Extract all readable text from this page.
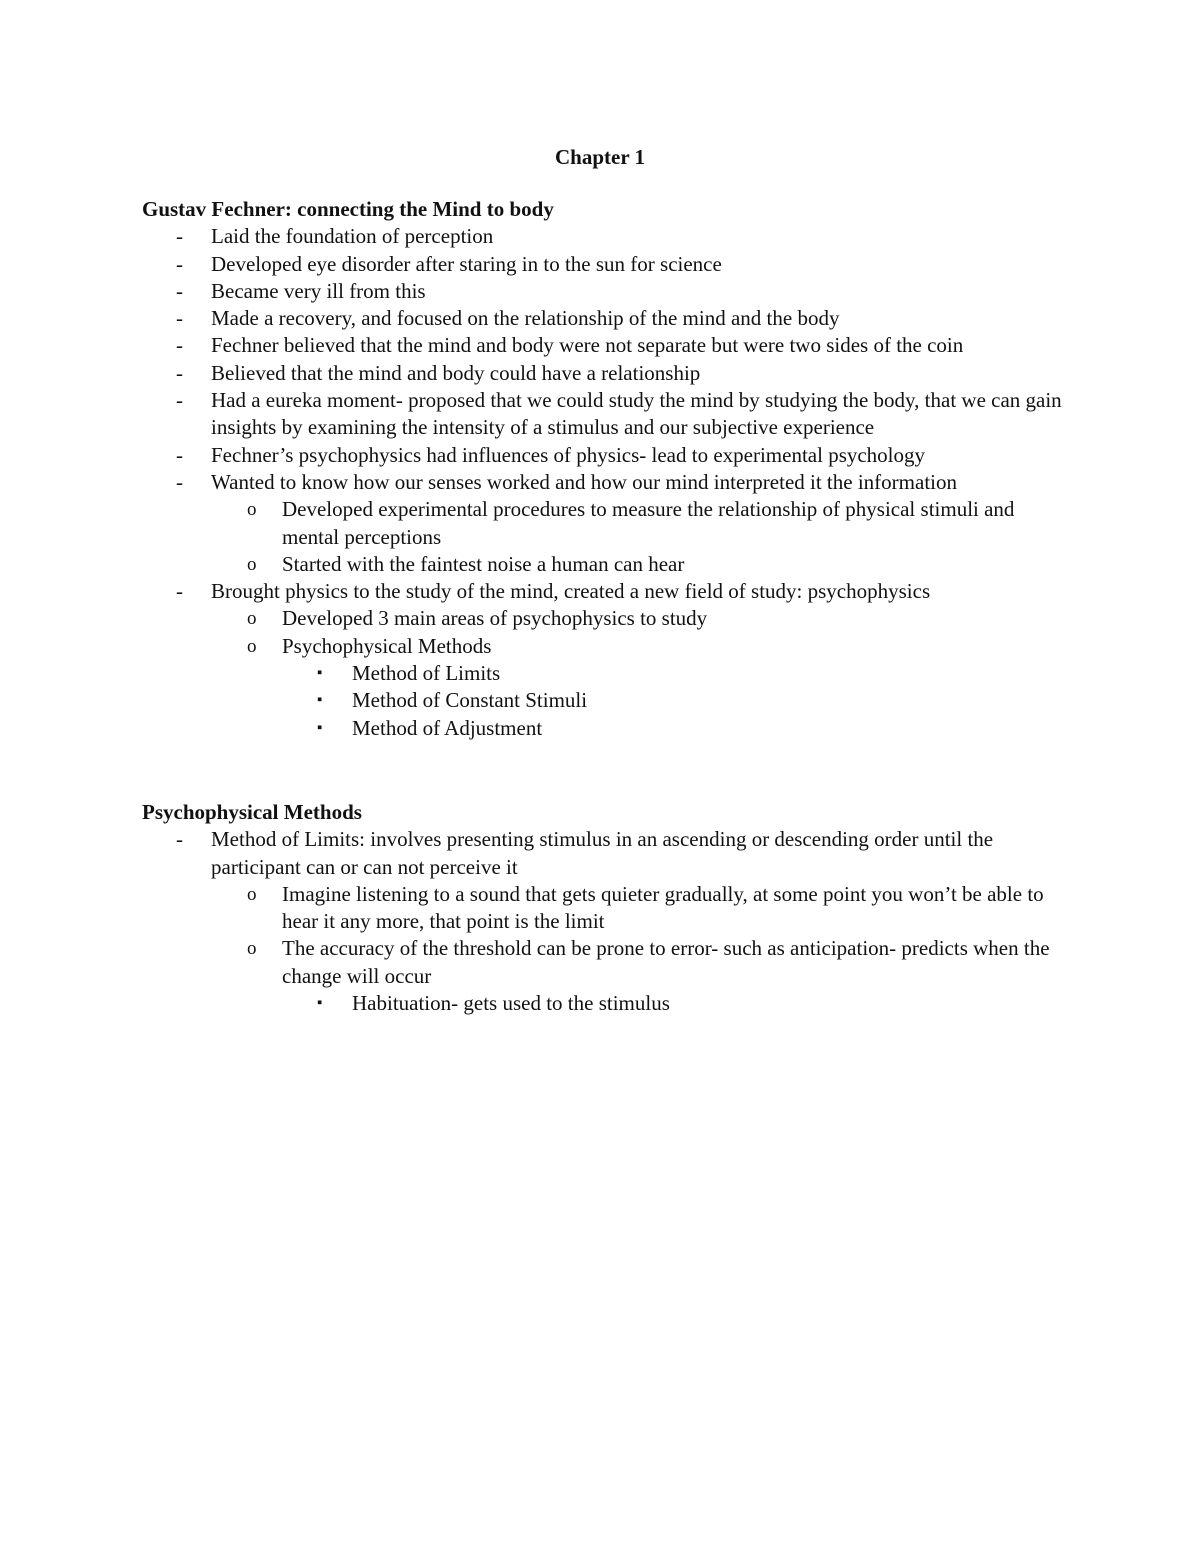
Chapter 1

Gustav Fechner: connecting the Mind to body

- Laid the foundation of perception

- Developed eye disorder after staring in to the sun for science

- Became very ill from this

- Made a recovery, and focused on the relationship of the mind and the body

- Fechner believed that the mind and body were not separate but were two sides of the coin

- Believed that the mind and body could have a relationship

- Had a eureka moment- proposed that we could study the mind by studying the body, that we can gain insights by examining the intensity of a stimulus and our subjective experience

- Fechner’s psychophysics had influences of physics- lead to experimental psychology

- Wanted to know how our senses worked and how our mind interpreted it the information

o Developed experimental procedures to measure the relationship of physical stimuli and mental perceptions

o Started with the faintest noise a human can hear

- Brought physics to the study of the mind, created a new field of study: psychophysics

o Developed 3 main areas of psychophysics to study

o Psychophysical Methods

▪ Method of Limits

▪ Method of Constant Stimuli

▪ Method of Adjustment

Psychophysical Methods

- Method of Limits: involves presenting stimulus in an ascending or descending order until the participant can or can not perceive it

o Imagine listening to a sound that gets quieter gradually, at some point you won’t be able to hear it any more, that point is the limit

o The accuracy of the threshold can be prone to error- such as anticipation- predicts when the change will occur

▪ Habituation- gets used to the stimulus
